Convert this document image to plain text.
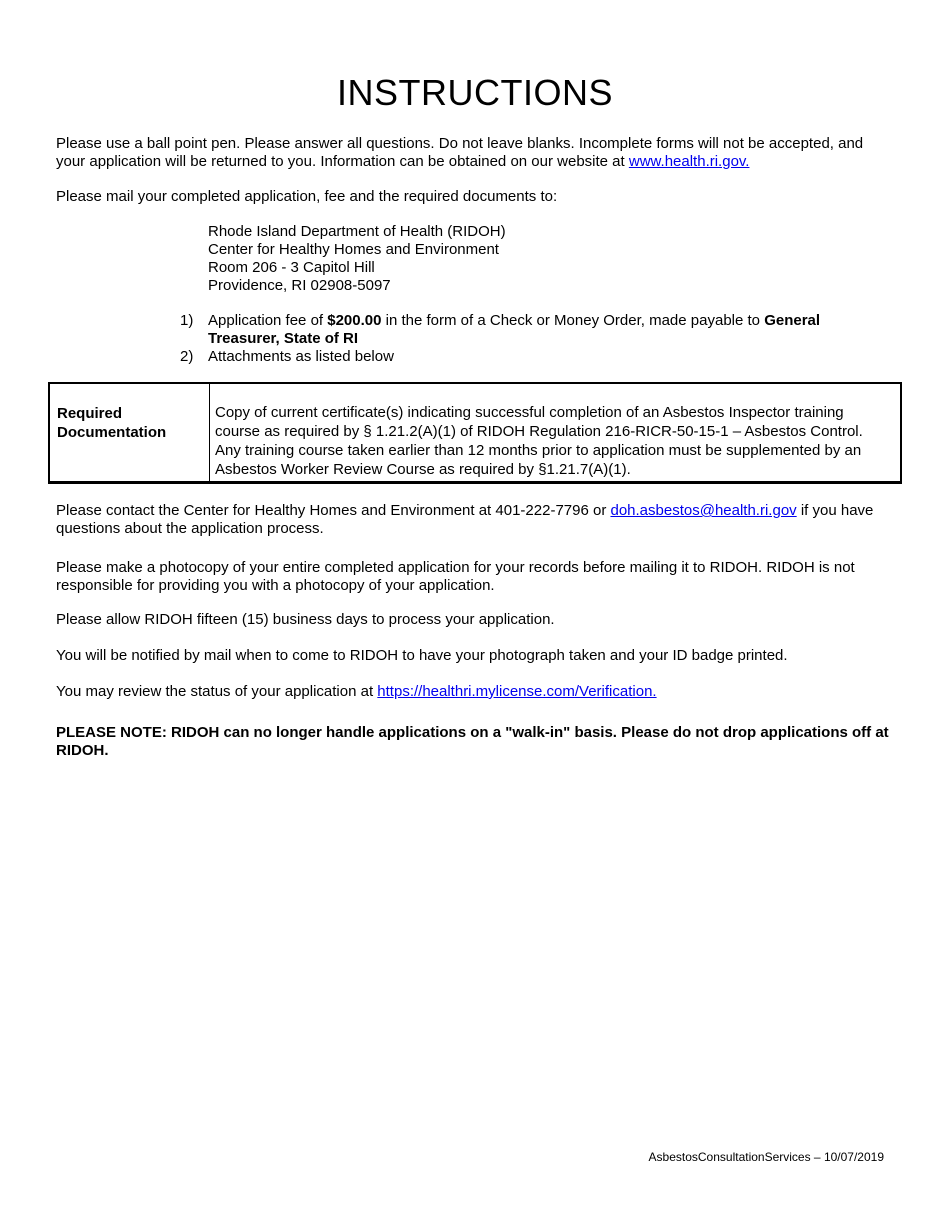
INSTRUCTIONS

Please use a ball point pen. Please answer all questions. Do not leave blanks. Incomplete forms will not be accepted, and your application will be returned to you. Information can be obtained on our website at www.health.ri.gov.

Please mail your completed application, fee and the required documents to:

Rhode Island Department of Health (RIDOH)
Center for Healthy Homes and Environment
Room 206 - 3 Capitol Hill
Providence, RI 02908-5097
1) Application fee of $200.00 in the form of a Check or Money Order, made payable to General Treasurer, State of RI
2) Attachments as listed below
Required
Documentation
Copy of current certificate(s) indicating successful completion of an Asbestos Inspector training course as required by § 1.21.2(A)(1) of RIDOH Regulation 216-RICR-50-15-1 – Asbestos Control. Any training course taken earlier than 12 months prior to application must be supplemented by an Asbestos Worker Review Course as required by §1.21.7(A)(1).

Please contact the Center for Healthy Homes and Environment at 401-222-7796 or doh.asbestos@health.ri.gov if you have questions about the application process.

Please make a photocopy of your entire completed application for your records before mailing it to RIDOH. RIDOH is not responsible for providing you with a photocopy of your application.

Please allow RIDOH fifteen (15) business days to process your application.

You will be notified by mail when to come to RIDOH to have your photograph taken and your ID badge printed.

You may review the status of your application at https://healthri.mylicense.com/Verification.

PLEASE NOTE: RIDOH can no longer handle applications on a "walk-in" basis. Please do not drop applications off at RIDOH.

AsbestosConsultationServices – 10/07/2019
